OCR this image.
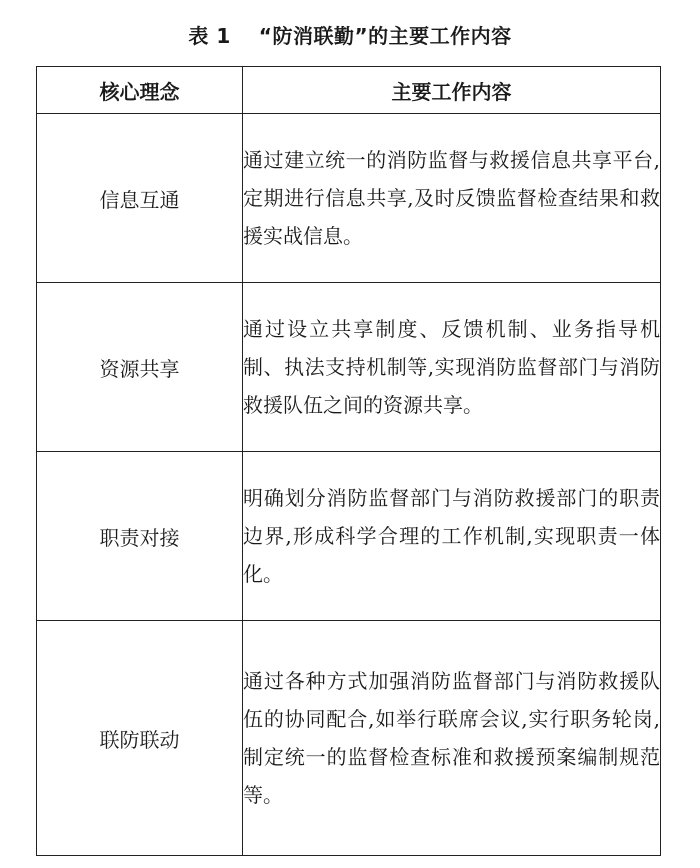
表 1 “防消联勤”的主要工作内容
核心理念	主要工作内容
信息互通	通过建立统一的消防监督与救援信息共享平台,定期进行信息共享,及时反馈监督检查结果和救援实战信息。
资源共享	通过设立共享制度、反馈机制、业务指导机制、执法支持机制等,实现消防监督部门与消防救援队伍之间的资源共享。
职责对接	明确划分消防监督部门与消防救援部门的职责边界,形成科学合理的工作机制,实现职责一体化。
联防联动	通过各种方式加强消防监督部门与消防救援队伍的协同配合,如举行联席会议,实行职务轮岗,制定统一的监督检查标准和救援预案编制规范等。
